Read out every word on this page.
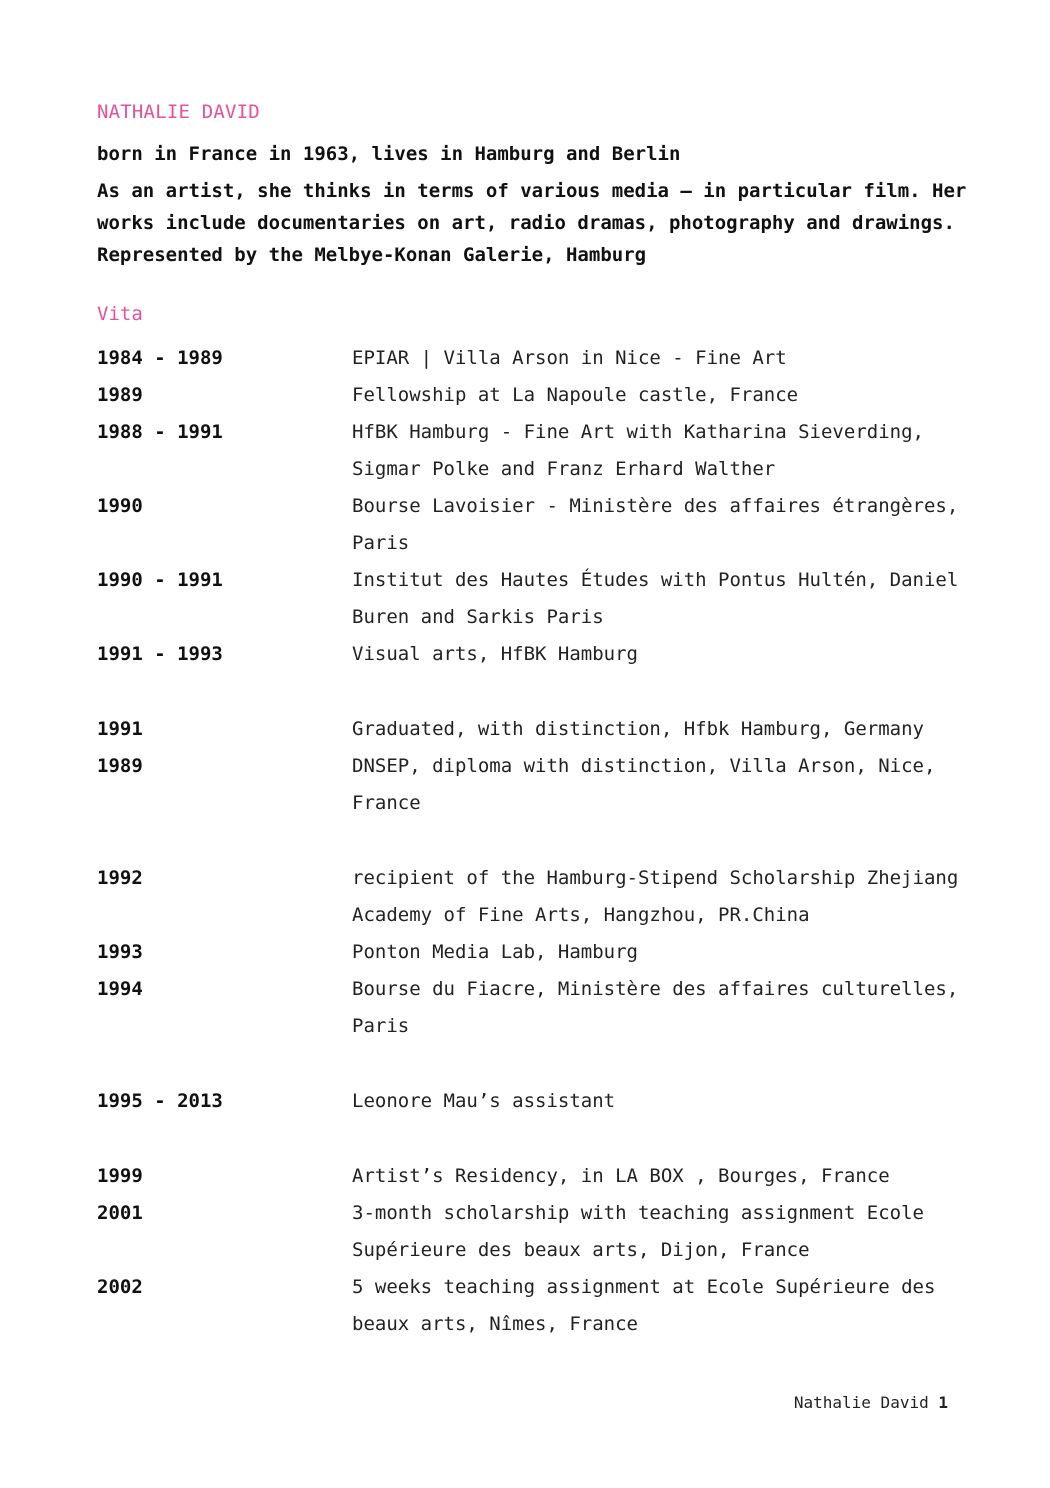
NATHALIE DAVID

born in France in 1963, lives in Hamburg and Berlin

As an artist, she thinks in terms of various media — in particular film. Her works include documentaries on art, radio dramas, photography and drawings. Represented by the Melbye-Konan Galerie, Hamburg

Vita
1984 - 1989	EPIAR | Villa Arson in Nice - Fine Art
1989	Fellowship at La Napoule castle, France
1988 - 1991	HfBK Hamburg - Fine Art with Katharina Sieverding, Sigmar Polke and Franz Erhard Walther
1990	Bourse Lavoisier - Ministère des affaires étrangères, Paris
1990 - 1991	Institut des Hautes Études with Pontus Hultén, Daniel Buren and Sarkis Paris
1991 - 1993	Visual arts, HfBK Hamburg
1991	Graduated, with distinction, Hfbk Hamburg, Germany
1989	DNSEP, diploma with distinction, Villa Arson, Nice, France
1992	recipient of the Hamburg-Stipend Scholarship Zhejiang Academy of Fine Arts, Hangzhou, PR.China
1993	Ponton Media Lab, Hamburg
1994	Bourse du Fiacre, Ministère des affaires culturelles, Paris
1995 - 2013	Leonore Mau’s assistant
1999	Artist’s Residency, in LA BOX , Bourges, France
2001	3-month scholarship with teaching assignment Ecole Supérieure des beaux arts, Dijon, France
2002	5 weeks teaching assignment at Ecole Supérieure des beaux arts, Nîmes, France
Nathalie David 1
